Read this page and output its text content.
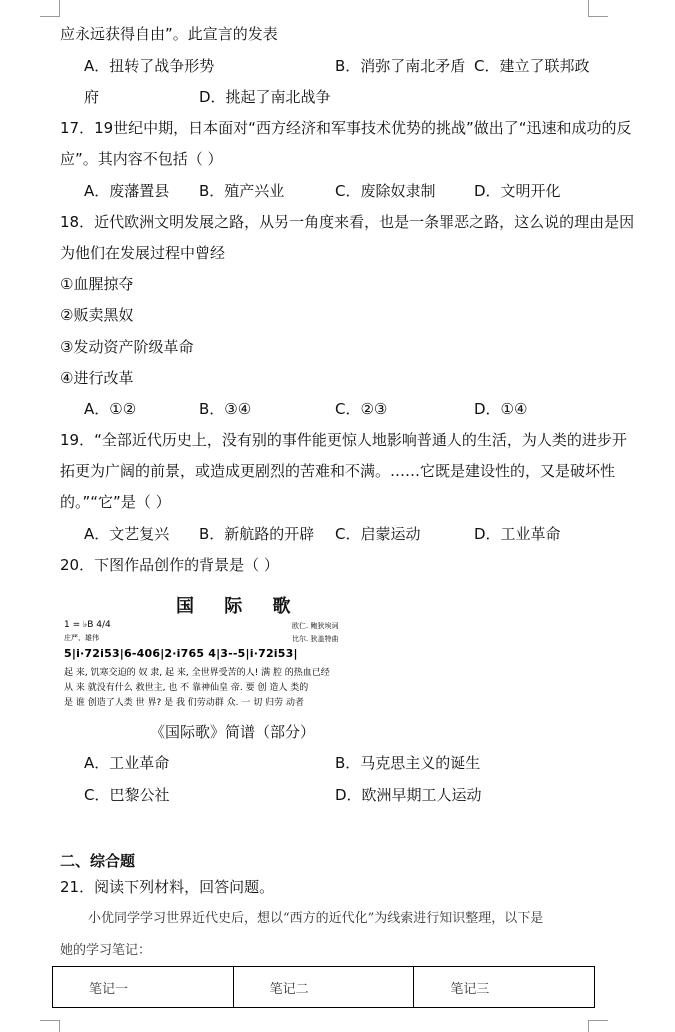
应永远获得自由”。此宣言的发表
A．扭转了战争形势	B．消弥了南北矛盾 C．建立了联邦政
府	D．挑起了南北战争
17．19世纪中期，日本面对“西方经济和军事技术优势的挑战”做出了“迅速和成功的反
应”。其内容不包括（ ）
A．废藩置县 B．殖产兴业	C．废除奴隶制	D．文明开化
18．近代欧洲文明发展之路，从另一角度来看，也是一条罪恶之路，这么说的理由是因
为他们在发展过程中曾经
①血腥掠夺
②贩卖黑奴
③发动资产阶级革命
④进行改革
A．①②	B．③④	C．②③	D．①④
19．“全部近代历史上，没有别的事件能更惊人地影响普通人的生活，为人类的进步开
拓更为广阔的前景，或造成更剧烈的苦难和不满。……它既是建设性的，又是破坏性
的。”“它”是（ ）
A．文艺复兴 B．新航路的开辟 C．启蒙运动	D．工业革命
20．下图作品创作的背景是（ ）
国 际 歌
1 = ♭B 4/4
庄严、雄伟
欧仁. 鲍狄埃词
比尔. 狄盖特曲
5|i·72i53|6-406|2·i765 4|3--5|i·72i53|
起 来, 饥寒交迫的 奴 隶, 起 来, 全世界受苦的人! 满 腔 的热血已经
从 来 就没有什么 救世主, 也 不 靠神仙皇 帝. 要 创 造人 类的
是 谁 创造了人类 世 界? 是 我 们劳动群 众. 一 切 归劳 动者
《国际歌》简谱（部分）
A．工业革命	B．马克思主义的诞生
C．巴黎公社	D．欧洲早期工人运动
二、综合题
21．阅读下列材料，回答问题。
小优同学学习世界近代史后，想以“西方的近代化”为线索进行知识整理，以下是
她的学习笔记：
笔记一	笔记二	笔记三
